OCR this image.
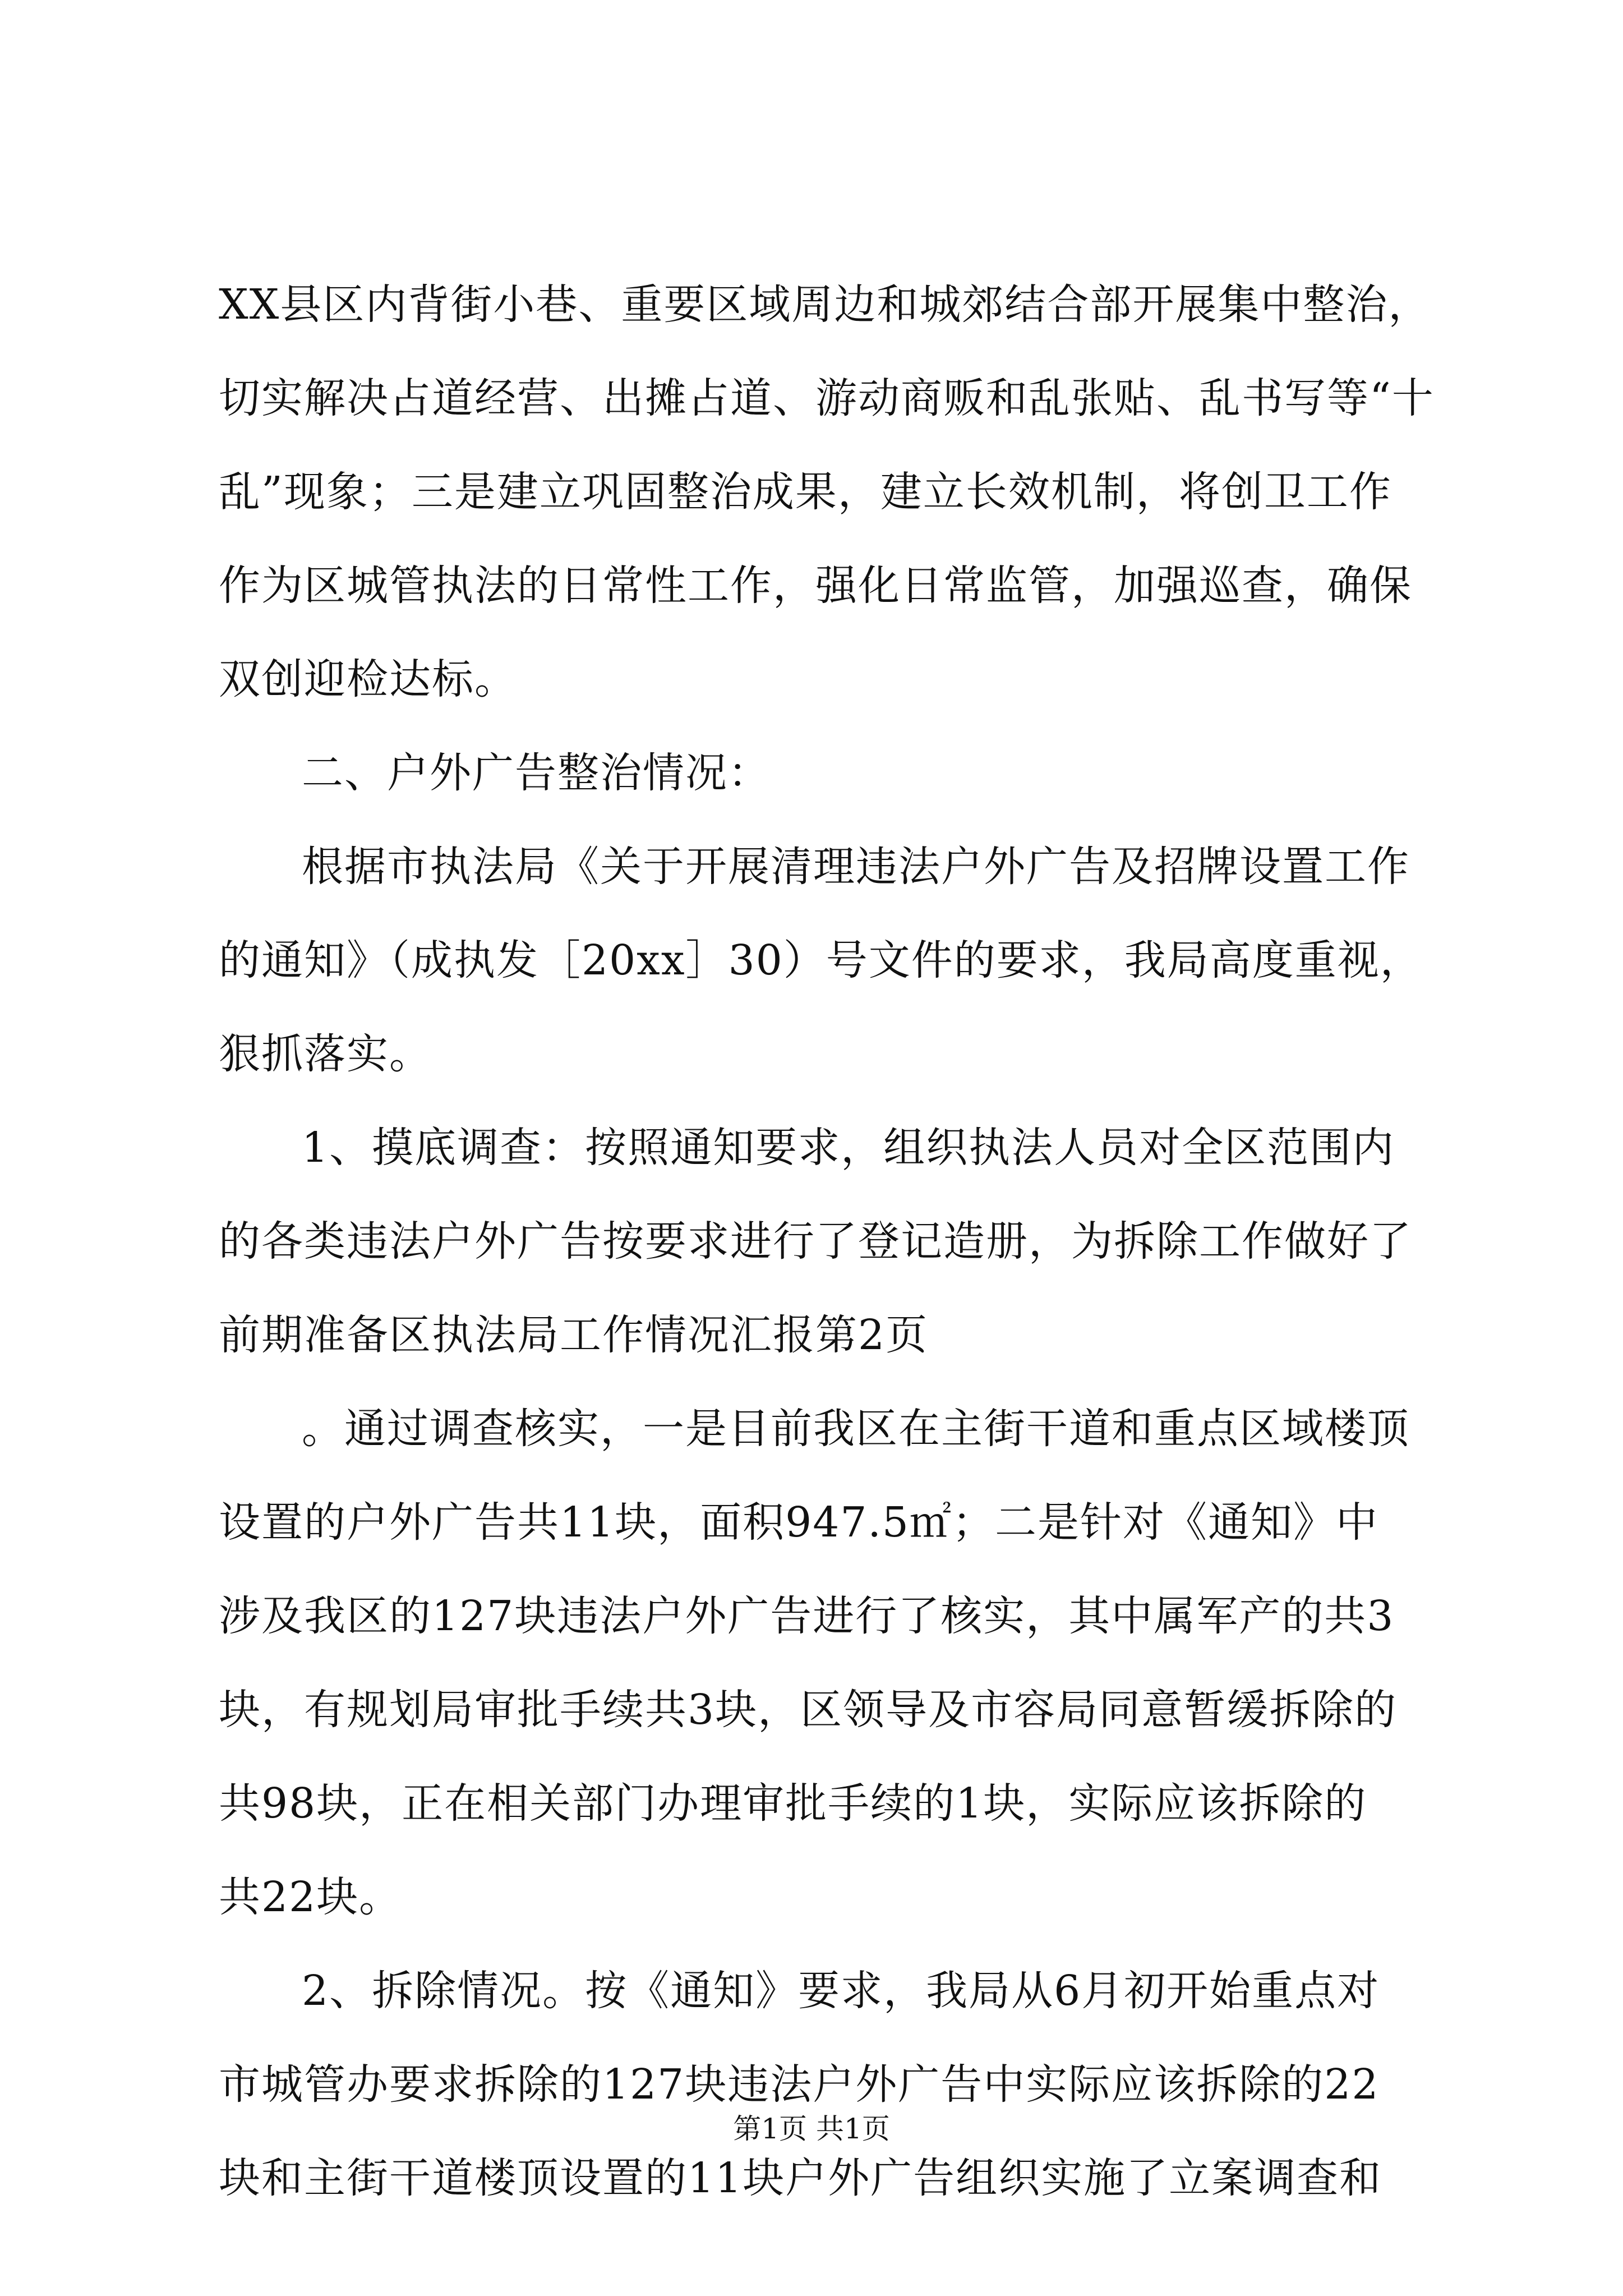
XX县区内背街小巷、重要区域周边和城郊结合部开展集中整治，
切实解决占道经营、出摊占道、游动商贩和乱张贴、乱书写等“十
乱”现象；三是建立巩固整治成果，建立长效机制，将创卫工作
作为区城管执法的日常性工作，强化日常监管，加强巡查，确保
双创迎检达标。
二、户外广告整治情况：
根据市执法局《关于开展清理违法户外广告及招牌设置工作
的通知》（成执发［20xx］30）号文件的要求，我局高度重视，
狠抓落实。
1、摸底调查：按照通知要求，组织执法人员对全区范围内
的各类违法户外广告按要求进行了登记造册，为拆除工作做好了
前期准备区执法局工作情况汇报第2页
。通过调查核实，一是目前我区在主街干道和重点区域楼顶
设置的户外广告共11块，面积947.5㎡；二是针对《通知》中
涉及我区的127块违法户外广告进行了核实，其中属军产的共3
块，有规划局审批手续共3块，区领导及市容局同意暂缓拆除的
共98块，正在相关部门办理审批手续的1块，实际应该拆除的
共22块。
2、拆除情况。按《通知》要求，我局从6月初开始重点对
市城管办要求拆除的127块违法户外广告中实际应该拆除的22
块和主街干道楼顶设置的11块户外广告组织实施了立案调查和
第1页 共1页
